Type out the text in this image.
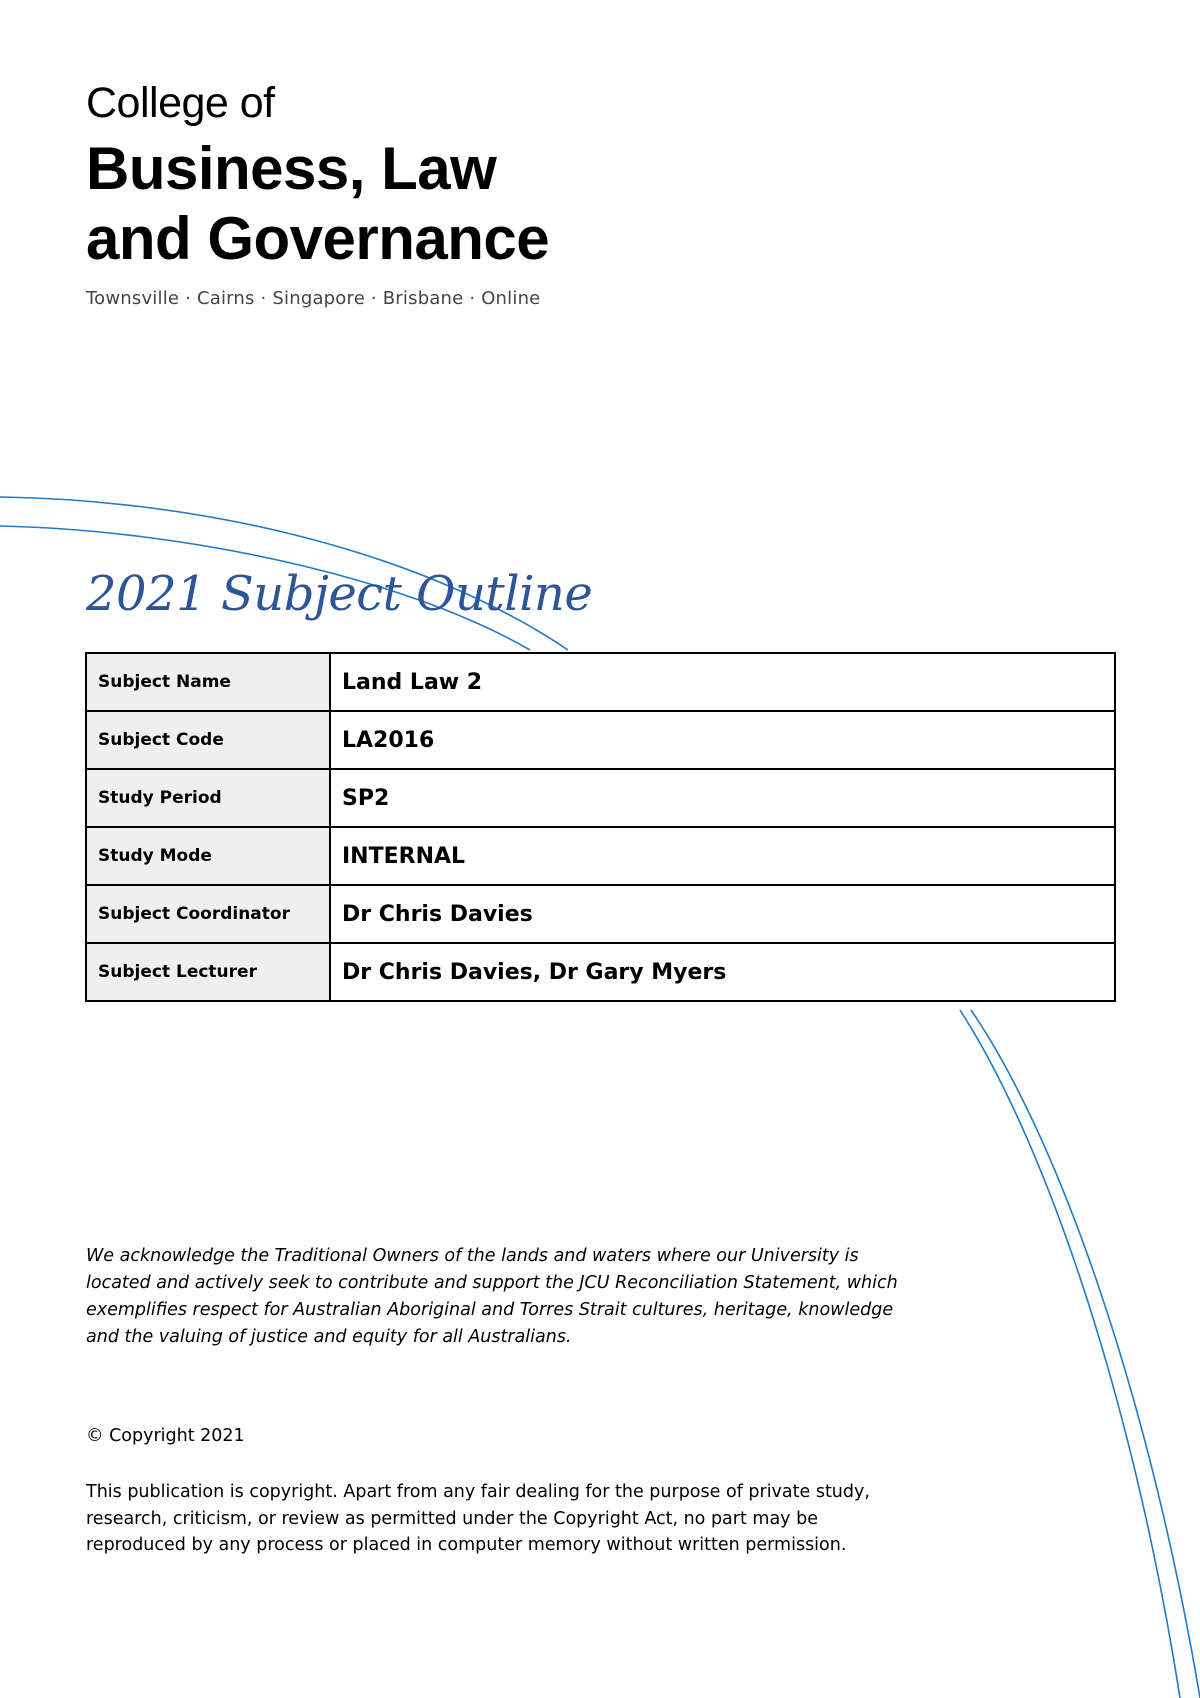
College of
Business, Law
and Governance
Townsville · Cairns · Singapore · Brisbane · Online
2021 Subject Outline
Subject Name	Land Law 2
Subject Code	LA2016
Study Period	SP2
Study Mode	INTERNAL
Subject Coordinator	Dr Chris Davies
Subject Lecturer	Dr Chris Davies, Dr Gary Myers
We acknowledge the Traditional Owners of the lands and waters where our University is located and actively seek to contribute and support the JCU Reconciliation Statement, which exemplifies respect for Australian Aboriginal and Torres Strait cultures, heritage, knowledge and the valuing of justice and equity for all Australians.
© Copyright 2021
This publication is copyright. Apart from any fair dealing for the purpose of private study, research, criticism, or review as permitted under the Copyright Act, no part may be reproduced by any process or placed in computer memory without written permission.
